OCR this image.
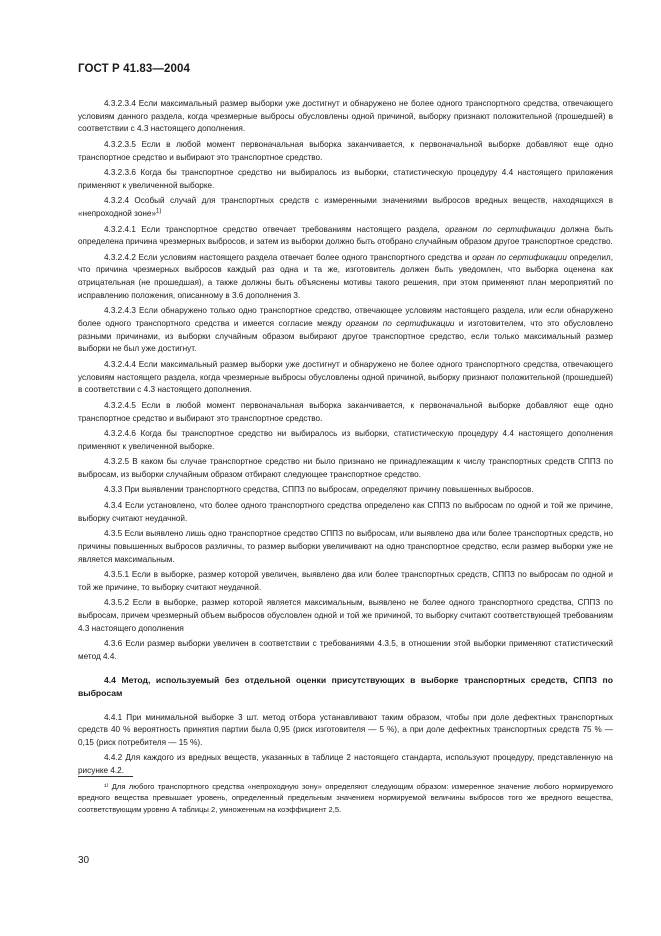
ГОСТ Р 41.83—2004

4.3.2.3.4 Если максимальный размер выборки уже достигнут и обнаружено не более одного транспортного средства, отвечающего условиям данного раздела, когда чрезмерные выбросы обусловлены одной причиной, выборку признают положительной (прошедшей) в соответствии с 4.3 настоящего дополнения.

4.3.2.3.5 Если в любой момент первоначальная выборка заканчивается, к первоначальной выборке добавляют еще одно транспортное средство и выбирают это транспортное средство.

4.3.2.3.6 Когда бы транспортное средство ни выбиралось из выборки, статистическую процедуру 4.4 настоящего приложения применяют к увеличенной выборке.

4.3.2.4 Особый случай для транспортных средств с измеренными значениями выбросов вредных веществ, находящихся в «непроходной зоне»$^{1)}$

4.3.2.4.1 Если транспортное средство отвечает требованиям настоящего раздела, органом по сертификации должна быть определена причина чрезмерных выбросов, и затем из выборки должно быть отобрано случайным образом другое транспортное средство.

4.3.2.4.2 Если условиям настоящего раздела отвечает более одного транспортного средства и орган по сертификации определил, что причина чрезмерных выбросов каждый раз одна и та же, изготовитель должен быть уведомлен, что выборка оценена как отрицательная (не прошедшая), а также должны быть объяснены мотивы такого решения, при этом применяют план мероприятий по исправлению положения, описанному в 3.6 дополнения 3.

4.3.2.4.3 Если обнаружено только одно транспортное средство, отвечающее условиям настоящего раздела, или если обнаружено более одного транспортного средства и имеется согласие между органом по сертификации и изготовителем, что это обусловлено разными причинами, из выборки случайным образом выбирают другое транспортное средство, если только максимальный размер выборки не был уже достигнут.

4.3.2.4.4 Если максимальный размер выборки уже достигнут и обнаружено не более одного транспортного средства, отвечающего условиям настоящего раздела, когда чрезмерные выбросы обусловлены одной причиной, выборку признают положительной (прошедшей) в соответствии с 4.3 настоящего дополнения.

4.3.2.4.5 Если в любой момент первоначальная выборка заканчивается, к первоначальной выборке добавляют еще одно транспортное средство и выбирают это транспортное средство.

4.3.2.4.6 Когда бы транспортное средство ни выбиралось из выборки, статистическую процедуру 4.4 настоящего дополнения применяют к увеличенной выборке.

4.3.2.5 В каком бы случае транспортное средство ни было признано не принадлежащим к числу транспортных средств СППЗ по выбросам, из выборки случайным образом отбирают следующее транспортное средство.

4.3.3 При выявлении транспортного средства, СППЗ по выбросам, определяют причину повышенных выбросов.

4.3.4 Если установлено, что более одного транспортного средства определено как СППЗ по выбросам по одной и той же причине, выборку считают неудачной.

4.3.5 Если выявлено лишь одно транспортное средство СППЗ по выбросам, или выявлено два или более транспортных средств, но причины повышенных выбросов различны, то размер выборки увеличивают на одно транспортное средство, если размер выборки уже не является максимальным.

4.3.5.1 Если в выборке, размер которой увеличен, выявлено два или более транспортных средств, СППЗ по выбросам по одной и той же причине, то выборку считают неудачной.

4.3.5.2 Если в выборке, размер которой является максимальным, выявлено не более одного транспортного средства, СППЗ по выбросам, причем чрезмерный объем выбросов обусловлен одной и той же причиной, то выборку считают соответствующей требованиям 4.3 настоящего дополнения

4.3.6 Если размер выборки увеличен в соответствии с требованиями 4.3.5, в отношении этой выборки применяют статистический метод 4.4.

4.4 Метод, используемый без отдельной оценки присутствующих в выборке транспортных средств, СППЗ по выбросам

4.4.1 При минимальной выборке 3 шт. метод отбора устанавливают таким образом, чтобы при доле дефектных транспортных средств 40 % вероятность принятия партии была 0,95 (риск изготовителя — 5 %), а при доле дефектных транспортных средств 75 % — 0,15 (риск потребителя — 15 %).

4.4.2 Для каждого из вредных веществ, указанных в таблице 2 настоящего стандарта, используют процедуру, представленную на рисунке 4.2.

¹⁾ Для любого транспортного средства «непроходную зону» определяют следующим образом: измеренное значение любого нормируемого вредного вещества превышает уровень, определенный предельным значением нормируемой величины выбросов того же вредного вещества, соответствующим уровню А таблицы 2, умноженным на коэффициент 2,5.

30
